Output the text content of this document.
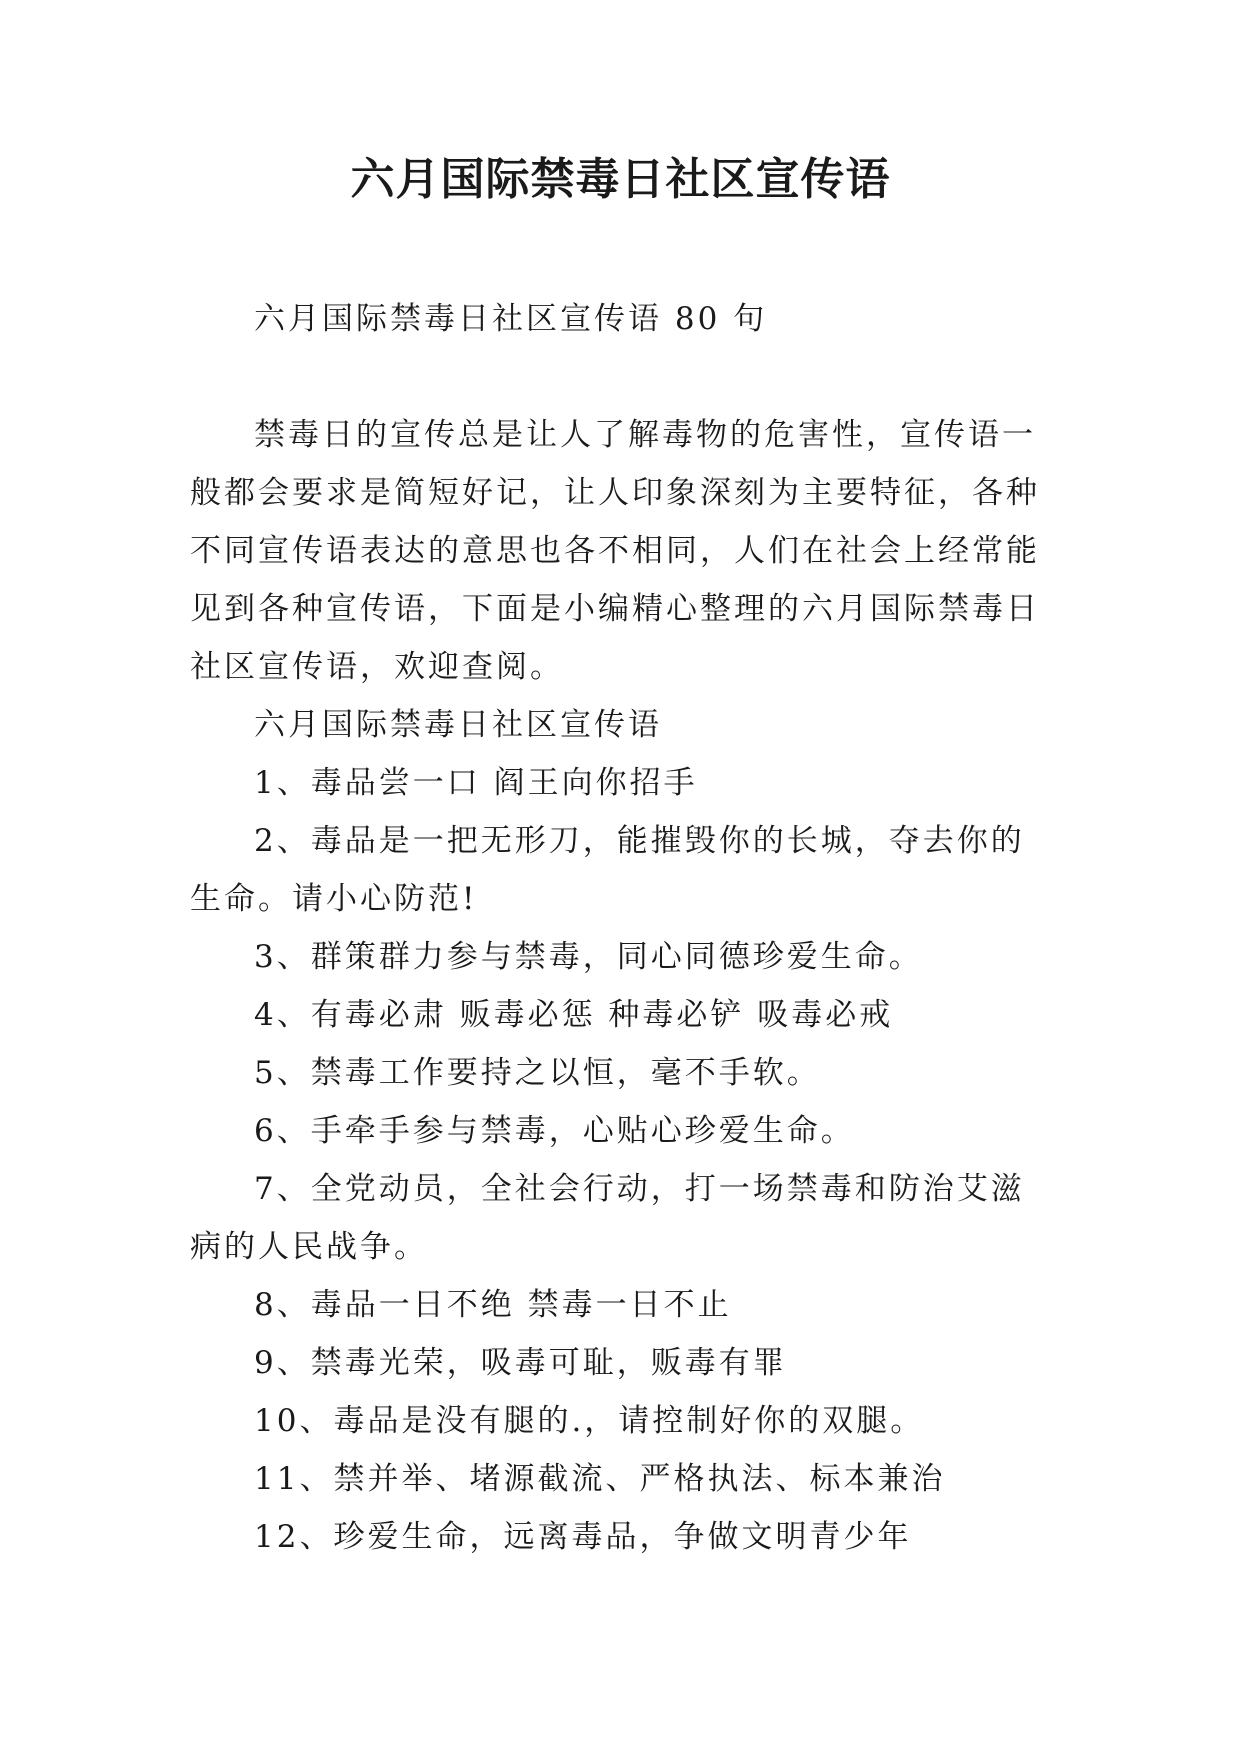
六月国际禁毒日社区宣传语

六月国际禁毒日社区宣传语 80 句

禁毒日的宣传总是让人了解毒物的危害性，宣传语一般都会要求是简短好记，让人印象深刻为主要特征，各种不同宣传语表达的意思也各不相同，人们在社会上经常能见到各种宣传语，下面是小编精心整理的六月国际禁毒日社区宣传语，欢迎查阅。

六月国际禁毒日社区宣传语

1、毒品尝一口 阎王向你招手

2、毒品是一把无形刀，能摧毁你的长城，夺去你的生命。请小心防范!

3、群策群力参与禁毒，同心同德珍爱生命。

4、有毒必肃 贩毒必惩 种毒必铲 吸毒必戒

5、禁毒工作要持之以恒，毫不手软。

6、手牵手参与禁毒，心贴心珍爱生命。

7、全党动员，全社会行动，打一场禁毒和防治艾滋病的人民战争。

8、毒品一日不绝 禁毒一日不止

9、禁毒光荣，吸毒可耻，贩毒有罪

10、毒品是没有腿的.，请控制好你的双腿。

11、禁并举、堵源截流、严格执法、标本兼治

12、珍爱生命，远离毒品，争做文明青少年
